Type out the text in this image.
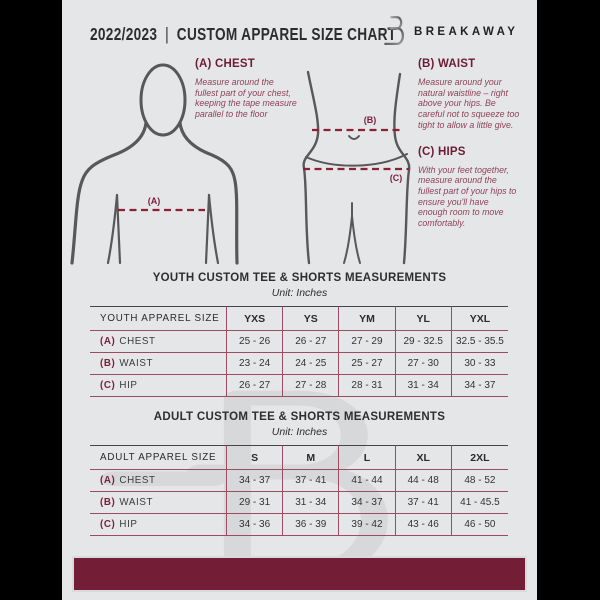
2022/2023 | CUSTOM APPAREL SIZE CHART BREAKAWAY
(A)
(A) CHEST

Measure around the fullest part of your chest, keeping the tape measure parallel to the floor

(B)
(C)
(B) WAIST

Measure around your natural waistline – right above your hips. Be careful not to squeeze too tight to allow a little give.

(C) HIPS

With your feet together, measure around the fullest part of your hips to ensure you'll have enough room to move comfortably.

YOUTH CUSTOM TEE & SHORTS MEASUREMENTS
Unit: Inches
YOUTH APPAREL SIZE	YXS	YS	YM	YL	YXL
(A) CHEST	25 - 26	26 - 27	27 - 29	29 - 32.5	32.5 - 35.5
(B) WAIST	23 - 24	24 - 25	25 - 27	27 - 30	30 - 33
(C) HIP	26 - 27	27 - 28	28 - 31	31 - 34	34 - 37
ADULT CUSTOM TEE & SHORTS MEASUREMENTS
Unit: Inches
ADULT APPAREL SIZE	S	M	L	XL	2XL
(A) CHEST	34 - 37	37 - 41	41 - 44	44 - 48	48 - 52
(B) WAIST	29 - 31	31 - 34	34 - 37	37 - 41	41 - 45.5
(C) HIP	34 - 36	36 - 39	39 - 42	43 - 46	46 - 50
